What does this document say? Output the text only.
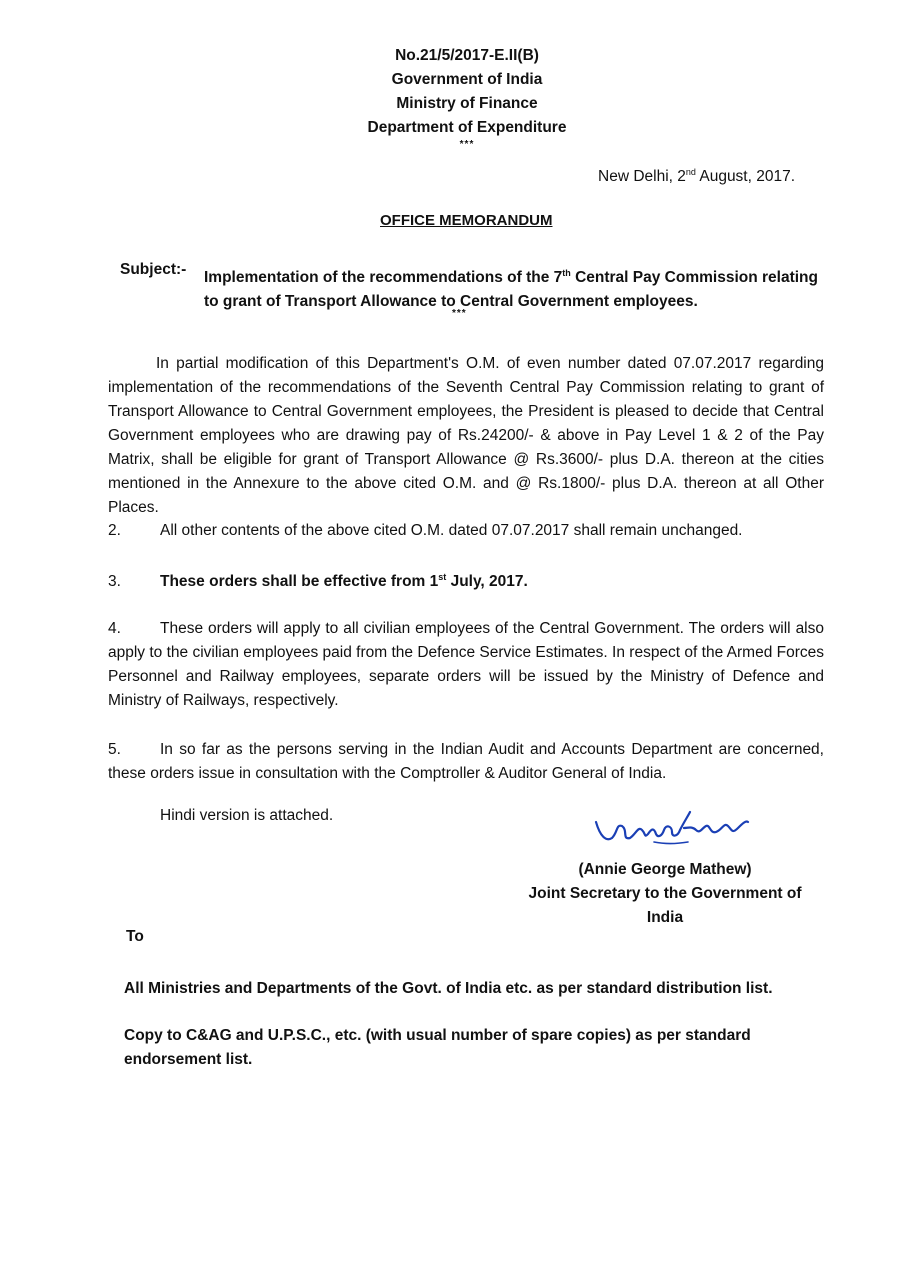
No.21/5/2017-E.II(B)
Government of India
Ministry of Finance
Department of Expenditure
***
New Delhi, 2nd August, 2017.
OFFICE MEMORANDUM
Subject:- Implementation of the recommendations of the 7th Central Pay Commission relating to grant of Transport Allowance to Central Government employees.
***
In partial modification of this Department's O.M. of even number dated 07.07.2017 regarding implementation of the recommendations of the Seventh Central Pay Commission relating to grant of Transport Allowance to Central Government employees, the President is pleased to decide that Central Government employees who are drawing pay of Rs.24200/- & above in Pay Level 1 & 2 of the Pay Matrix, shall be eligible for grant of Transport Allowance @ Rs.3600/- plus D.A. thereon at the cities mentioned in the Annexure to the above cited O.M. and @ Rs.1800/- plus D.A. thereon at all Other Places.
2.	All other contents of the above cited O.M. dated 07.07.2017 shall remain unchanged.
3.	These orders shall be effective from 1st July, 2017.
4.	These orders will apply to all civilian employees of the Central Government. The orders will also apply to the civilian employees paid from the Defence Service Estimates. In respect of the Armed Forces Personnel and Railway employees, separate orders will be issued by the Ministry of Defence and Ministry of Railways, respectively.
5.	In so far as the persons serving in the Indian Audit and Accounts Department are concerned, these orders issue in consultation with the Comptroller & Auditor General of India.
Hindi version is attached.
(Annie George Mathew)
Joint Secretary to the Government of India
To
All Ministries and Departments of the Govt. of India etc. as per standard distribution list.
Copy to C&AG and U.P.S.C., etc. (with usual number of spare copies) as per standard endorsement list.
